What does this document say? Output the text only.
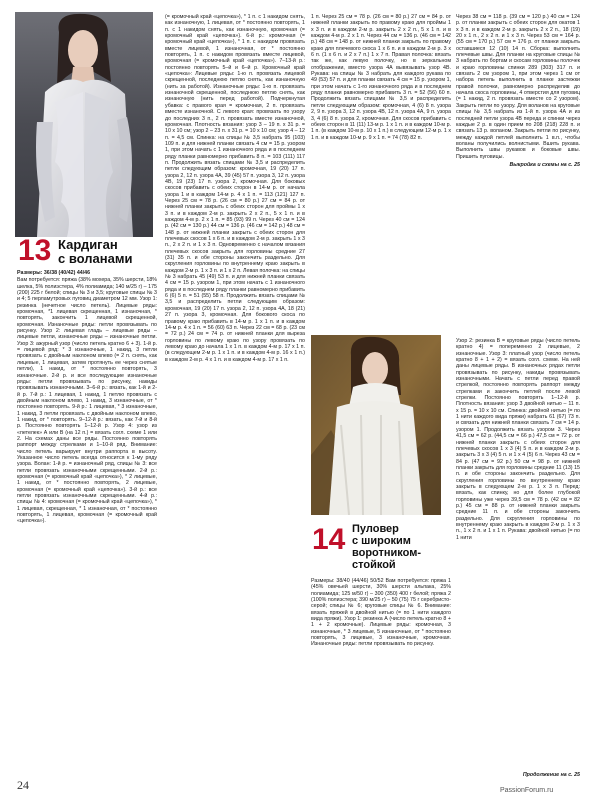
13 Кардиган
с воланами

Размеры: 36/38 (40/42) 44/46

Вам потребуется: пряжа (38% мохера, 35% шерсти, 18% шелка, 5% полиэстера, 4% полиамида; 140 м/25 г) – 175 (200) 225 г белой; спицы № 3 и 3,5; круговые спицы № 3 и 4; 5 перламутровых пуговиц диаметром 12 мм. Узор 1: резинка (нечетное число петель). Лицевые ряды: кромочная, *1 лицевая скрещенная, 1 изнаночная, * повторять, закончить 1 лицевой скрещенной, кромочная. Изнаночные ряды: петли провязывать по рисунку. Узор 2: лицевая гладь – лицевые ряды – лицевые петли, изнаночные ряды – изнаночные петли. Узор 3: ажурный узор (число петель кратно 6 + 3). 1-й р. = лицевой ряд: * 3 изнаночные, 1 накид, 3 петли провязать с двойным наклоном влево (= 2 п. снять, как лицевые, 1 лицевая, затем протянуть ее через снятые петли), 1 накид, от * постоянно повторять, 3 изнаночные. 2-й р. и все последующие изнаночные ряды: петли провязывать по рисунку, накиды провязывать изнаночными. 3–6-й р.: вязать, как 1-й и 2-й р. 7-й р.: 1 лицевая, 1 накид, 1 петлю провязать с двойным наклоном влево, 1 накид, 3 изнаночные, от * постоянно повторять. 9-й р.: 1 лицевая, * 3 изнаночные, 1 накид, 3 петли провязать с двойным наклоном влево, 1 накид, от * повторять. 9–12-й р.: вязать, как 7-й и 8-й р. Постоянно повторять 1–12-й р. Узор 4: узор из «петелек» А или В (на 12 п.) = вязать согл. схеме 1 или 2. На схемах даны все ряды. Постоянно повторять раппорт между стрелками и 1–10-й ряд. Внимание: число петель варьирует внутри раппорта в высоту. Указанное число петель всегда относится к 1-му ряду узора. Волан: 1-й р. = изнаночный ряд, спицы № 3: все петли провязать изнаночными скрещенными. 2-й р.: кромочная (= кромочный край «цепочка»), * 2 лицевые, 1 накид, от * постоянно повторять, 2 лицевые, кромочная (= кромочный край «цепочка»). 3-й р.: все петли провязать изнаночными скрещенными. 4-й р.: спицы № 4: кромочная (= кромочный край «цепочка»), * 1 лицевая, скрещенная, * 1 изнаночная, от * постоянно повторять, 1 лицевая, кромочная (= кромочный край «цепочка»).

(= кромочный край «цепочка»), * 1 п. с 1 накидом снять, как изнаночную, 1 лицевая, от * постоянно повторять, 1 п. с 1 накидом снять, как изнаночную, кромочная (= кромочный край «цепочка»). 6-й р.: кромочная (= кромочный край «цепочка»), * 1 п. с накидом провязать вместе лицевой, 1 изнаночная, от * постоянно повторять, 1 п. с накидом провязать вместе лицевой, кромочная (= кромочный край «цепочка»). 7–13-й р.: постоянно повторять 5–й и 6–й р. Кромочный край «цепочка»: Лицевые ряды: 1-ю п. провязать лицевой скрещенной, последнюю петлю снять, как изнаночную (нить за работой). Изнаночные ряды: 1-ю п. провязать изнаночной скрещенной, последнюю петлю снять, как изнаночную (нить перед работой). Подчеркнутая убавка: с правого края = кромочная, 2 п. провязать вместе изнаночной. С левого края: провязать по узору до последних 3 п., 2 п. провязать вместе изнаночной, кромочная. Плотность вязания: узор 3 – 19 п. х 31 р. = 10 х 10 см; узор 2 – 23 п. х 31 р. = 10 х 10 см; узор 4 – 12 п. = 4,5 см. Спинка: на спицы № 3,5 набрать 95 (103) 109 п. и для нижней планки связать 4 см = 15 р. узором 1, при этом начать с 1 изнаночного ряда и в последнем ряду планки равномерно прибавить 8 п. = 103 (111) 117 п. Продолжить вязать спицами № 3,5 и распределить петли следующим образом: кромочная, 19 (20) 17 п. узора 2, 12 п. узора 4А, 39 (45) 57 п. узора 3, 12 п. узора 4В, 19 (23) 17 п. узора 2, кромочная. Для боковых скосов прибавить с обеих сторон в 14-м р. от начала узора 1 и в каждом 14-м р. 4 х 1 п. = 113 (121) 127 п. Через 25 см = 78 р. (26 см = 80 р.) 27 см = 84 р. от нижней планки закрыть с обеих сторон для проймы 1 х 3 п. и в каждом 2-м р. закрыть 2 х 2 п., 5 х 1 п. и в каждом 4-м р. 2 х 1 п. = 85 (93) 99 п. Через 40 см = 124 р. (42 см = 130 р.) 44 см = 136 р. (46 см = 142 р.) 48 см = 148 р. от нижней планки закрыть с обеих сторон для плечевых скосов 1 х 6 п. и в каждом 2-м р. закрыть 1 х 3 п., 2 х 2 п. и 1 х 3 п. Одновременно с началом вязания плечевых скосов закрыть для горловины средние 27 (31) 35 п. и обе стороны закончить раздельно. Для скругления горловины по внутреннему краю закрыть в каждом 2-м р. 1 х 3 п. и 1 х 2 п. Левая полочка: на спицы № 3 набрать 45 (49) 53 п. и для нижней планки связать 4 см = 15 р. узором 1, при этом начать с 1 изнаночного ряда и в последнем ряду планки равномерно прибавить 6 (6) 5 п. = 51 (55) 58 п. Продолжить вязать спицами № 3,5 и распределить петли следующим образом: кромочная, 19 (20) 17 п. узора 2, 12 п. узора 4А, 18 (21) 27 п. узора 3, кромочная. Для бокового скоса по правому краю прибавить в 14-м р. 1 х 1 п. и в каждом 14-м р. 4 х 1 п. = 56 (60) 63 п. Через 22 см = 68 р. (23 см = 72 р.) 24 см = 74 р. от нижней планки для выреза горловины по левому краю по узору провязать по левому краю до начала 1 х 1 п. в каждом 4-м р. 17 х 1 п. (в следующем 2-м р. 1 х 1 п. и в каждом 4-м р. 16 х 1 п.) в каждом 2-м р. 4 х 1 п. и в каждом 4-м р. 17 х 1 п.

1 п. Через 25 см = 78 р. (26 см = 80 р.) 27 см = 84 р. от нижней планки закрыть по правому краю для проймы 1 х 3 п. и в каждом 2-м р. закрыть 2 х 2 п., 5 х 1 п. и в каждом 4-м р. 2 х 1 п. Через 44 см = 136 р. (46 см = 142 р.) 48 см = 148 р. от нижней планки закрыть по правому краю для плечевого скоса 1 х 6 п. и в каждом 2-м р. 3 х 6 п. (1 х 6 п. и 2 х 7 п.) 1 х 7 п. Правая полочка: вязать так же, как левую полочку, но в зеркальном отображении, вместо узора 4А вывязывать узор 4В. Рукава: на спицы № 3 набрать для каждого рукава по 49 (53) 57 п. и для планки связать 4 см = 15 р. узором 1, при этом начать с 1-го изнаночного ряда и в последнем ряду планки равномерно прибавить 3 п. = 52 (56) 60 п. Продолжить вязать спицами № 3,5 и распределить петли следующим образом: кромочная, 4 (6) 8 п. узора 2, 9 п. узора 3, 12 п. узора 4В, 12 п. узора 4А, 9 п. узора 3, 4 (6) 8 п. узора 2, кромочная. Для скосов прибавить с обеих сторон в 11 (11) 13-м р. 1 х 1 п. и в каждом 10-м р. 1 п. (в каждом 10-м р. 10 х 1 п.) в следующем 12-м р. 1 х 1 п. и в каждом 10-м р. 9 х 1 п. = 74 (78) 82 п.

Через 38 см = 118 р. (39 см = 120 р.) 40 см = 124 р. от планки закрыть с обеих сторон для окатов 1 х 3 п. и в каждом 2-м р. закрыть 2 х 2 п., 18 (19) 20 х 1 п., 2 х 2 п. и 1 х 3 п. Через 53 см = 164 р. (55 см = 170 р.) 57 см = 176 р. от планки закрыть оставшиеся 12 (10) 14 п. Сборка: выполнить плечевые швы. Для планки на круговые спицы № 3 набрать по бортам и скосам горловины полочек и краю горловины спинки 289 (303) 317 п. и связать 2 см узором 1, при этом через 1 см от набора петель выполнить в планке застежки правой полочки, равномерно распределив до начала скоса горловины, 4 отверстия для пуговиц (= 1 накид, 2 п. провязать вместе со 2 узором). Закрыть петли по узору. Для воланов на круговые спицы № 3,5 набрать из 1-й п. узора 4А и из последней петли узора 4В переда и спинки через каждые 2 р. в один прием по 208 (218) 228 п. и связать 13 р. воланом. Закрыть петли по рисунку, между каждой петлей выполнить 1 в.п., чтобы воланы получились волнистыми. Вшить рукава. Выполнить швы рукавов и боковые швы. Пришить пуговицы.

Выкройка и схемы на с. 25

14 Пуловер
с широким
воротником-
стойкой

Размеры: 38/40 (44/46) 50/52 Вам потребуется: пряжа 1 (45% овечьей шерсти, 30% шерсти альпака, 25% полиамида; 125 м/50 г) – 300 (350) 400 г белой; пряжа 2 (100% полиэстера; 390 м/25 г) – 50 (75) 75 г серебристо-серой; спицы № 6; круговые спицы № 6. Внимание: вязать пряжей в двойной нитью (= по 1 нити каждого вида пряжи). Узор 1: резинка А (число петель кратно 8 + 1 + 2 кромочные). Лицевые ряды: кромочная, 3 изнаночные, * 3 лицевые, 5 изнаночные, от * постоянно повторять, 3 лицевые, 3 изнаночные, кромочная. Изнаночные ряды: петли провязывать по рисунку.

Узор 2: резинка В = круговые ряды (число петель кратно 4) = попеременно 2 лицевые, 2 изнаночные. Узор 3: платный узор (число петель кратно 8 + 1 + 2) = вязать согл. схеме. На ней даны лицевые ряды. В изнаночных рядах петли провязывать по рисунку, накиды провязывать изнаночными. Начать с петли перед правой стрелкой, постоянно повторять раппорт между стрелками и закончить петлей после левой стрелки. Постоянно повторять 1–12-й р. Плотность вязания: узор 3 двойной нитью – 11 п. х 15 р. = 10 х 10 см. Спинка: двойной нитью (= по 1 нити каждого вида пряжи) набрать 61 (67) 73 п. и связать для нижней планки связать 7 см = 14 р. узором 1. Продолжить вязать узором 3. Через 41,5 см = 62 р. (44,5 см = 66 р.) 47,5 см = 72 р. от нижней планки закрыть с обеих сторон для плечевых скосов 1 х 3 (4) 5 п. и в каждом 2-м р. закрыть 3 х 3 (4) 5 п. и 1 х 4 (5) 6 п. Через 43 см = 84 р. (47 см = 92 р.) 50 см = 98 р. от нижней планки закрыть для горловины средние 11 (13) 15 п. и обе стороны закончить раздельно. Для скругления горловины по внутреннему краю закрыть в следующем 2-м р. 1 х 3 п. Перед: вязать, как спинку, но для более глубокой горловины уже через 39,5 см = 78 р. (42 см = 82 р.) 45 см = 88 р. от нижней планки закрыть средние 11 п. и обе стороны закончить раздельно. Для скругления горловины по внутреннему краю закрыть в каждом 2-м р. 1 х 3 п., 1 х 2 п. и 1 х 1 п. Рукава: двойной нитью (= по 1 нити

Продолжение на с. 25
24	PassionForum.ru
